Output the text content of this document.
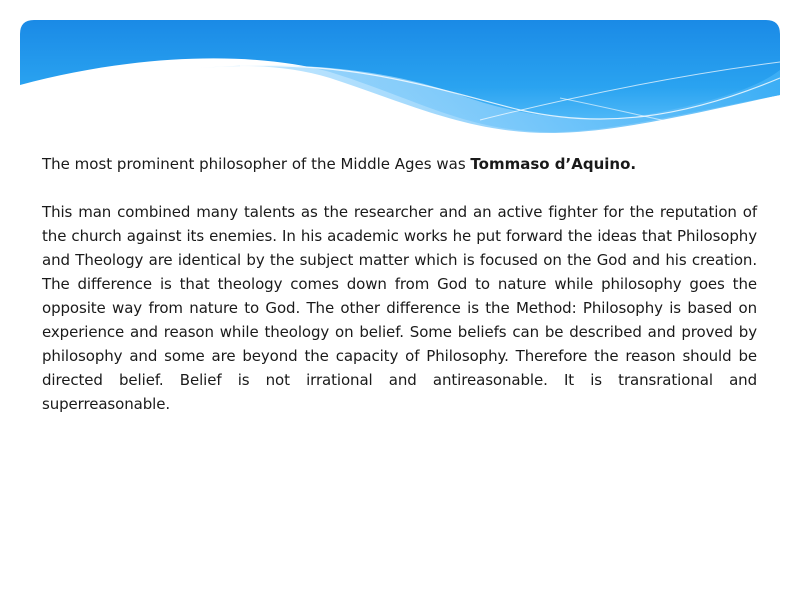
The most prominent philosopher of the Middle Ages was Tommaso d’Aquino.

This man combined many talents as the researcher and an active fighter for the reputation of the church against its enemies. In his academic works he put forward the ideas that Philosophy and Theology are identical by the subject matter which is focused on the God and his creation. The difference is that theology comes down from God to nature while philosophy goes the opposite way from nature to God. The other difference is the Method: Philosophy is based on experience and reason while theology on belief. Some beliefs can be described and proved by philosophy and some are beyond the capacity of Philosophy. Therefore the reason should be directed belief. Belief is not irrational and antireasonable. It is transrational and superreasonable.
